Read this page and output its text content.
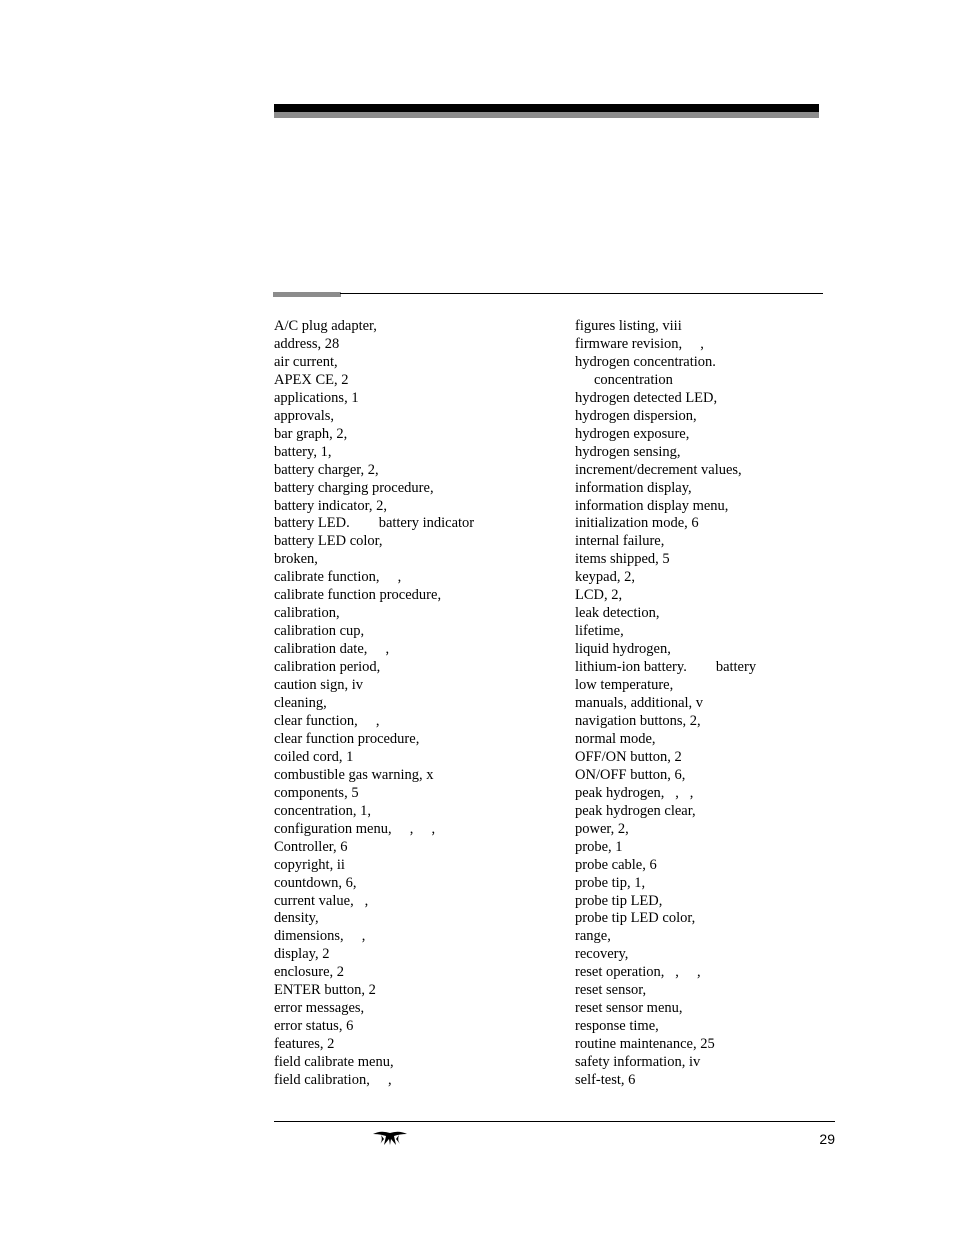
A/C plug adapter,
address, 28
air current,
APEX CE, 2
applications, 1
approvals,
bar graph, 2,
battery, 1,
battery charger, 2,
battery charging procedure,
battery indicator, 2,
battery LED.        battery indicator
battery LED color,
broken,
calibrate function,     ,
calibrate function procedure,
calibration,
calibration cup,
calibration date,     ,
calibration period,
caution sign, iv
cleaning,
clear function,     ,
clear function procedure,
coiled cord, 1
combustible gas warning, x
components, 5
concentration, 1,
configuration menu,     ,     ,
Controller, 6
copyright, ii
countdown, 6,
current value,   ,
density,
dimensions,     ,
display, 2
enclosure, 2
ENTER button, 2
error messages,
error status, 6
features, 2
field calibrate menu,
field calibration,     ,
figures listing, viii
firmware revision,     ,
hydrogen concentration.
concentration
hydrogen detected LED,
hydrogen dispersion,
hydrogen exposure,
hydrogen sensing,
increment/decrement values,
information display,
information display menu,
initialization mode, 6
internal failure,
items shipped, 5
keypad, 2,
LCD, 2,
leak detection,
lifetime,
liquid hydrogen,
lithium-ion battery.        battery
low temperature,
manuals, additional, v
navigation buttons, 2,
normal mode,
OFF/ON button, 2
ON/OFF button, 6,
peak hydrogen,   ,   ,
peak hydrogen clear,
power, 2,
probe, 1
probe cable, 6
probe tip, 1,
probe tip LED,
probe tip LED color,
range,
recovery,
reset operation,   ,     ,
reset sensor,
reset sensor menu,
response time,
routine maintenance, 25
safety information, iv
self-test, 6
29
